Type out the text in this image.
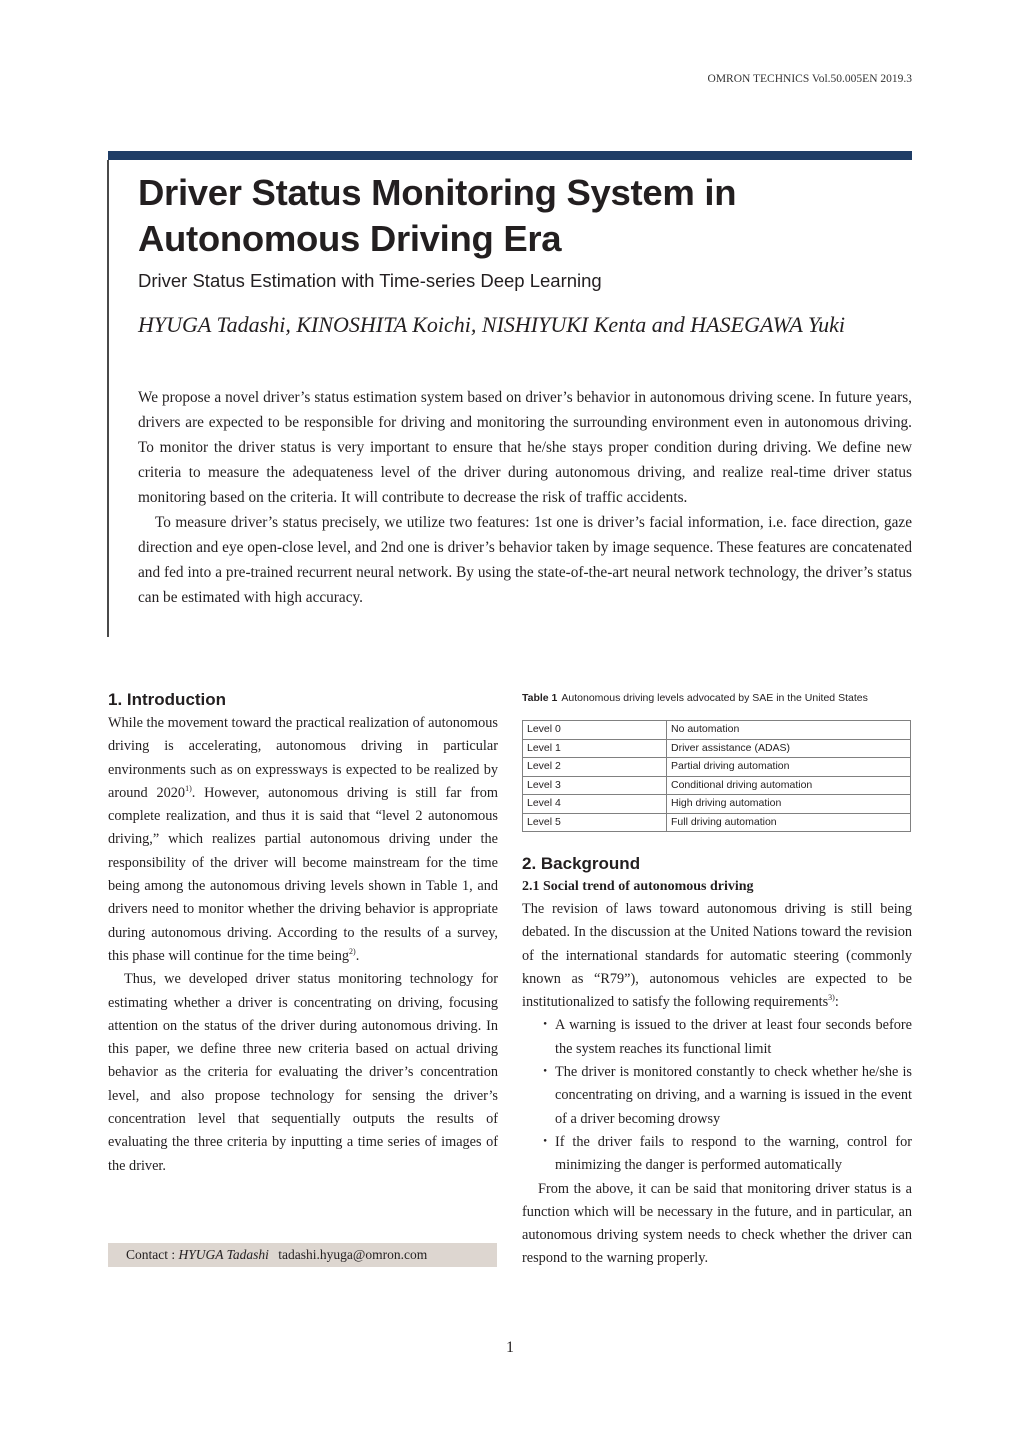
OMRON TECHNICS Vol.50.005EN 2019.3
Driver Status Monitoring System in Autonomous Driving Era
Driver Status Estimation with Time-series Deep Learning
HYUGA Tadashi, KINOSHITA Koichi, NISHIYUKI Kenta and HASEGAWA Yuki

We propose a novel driver’s status estimation system based on driver’s behavior in autonomous driving scene. In future years, drivers are expected to be responsible for driving and monitoring the surrounding environment even in autonomous driving. To monitor the driver status is very important to ensure that he/she stays proper condition during driving. We define new criteria to measure the adequateness level of the driver during autonomous driving, and realize real-time driver status monitoring based on the criteria. It will contribute to decrease the risk of traffic accidents.

To measure driver’s status precisely, we utilize two features: 1st one is driver’s facial information, i.e. face direction, gaze direction and eye open-close level, and 2nd one is driver’s behavior taken by image sequence. These features are concatenated and fed into a pre-trained recurrent neural network. By using the state-of-the-art neural network technology, the driver’s status can be estimated with high accuracy.

1. Introduction

While the movement toward the practical realization of autonomous driving is accelerating, autonomous driving in particular environments such as on expressways is expected to be realized by around 2020$^{1)}$. However, autonomous driving is still far from complete realization, and thus it is said that “level 2 autonomous driving,” which realizes partial autonomous driving under the responsibility of the driver will become mainstream for the time being among the autonomous driving levels shown in Table 1, and drivers need to monitor whether the driving behavior is appropriate during autonomous driving. According to the results of a survey, this phase will continue for the time being$^{2)}$.

Thus, we developed driver status monitoring technology for estimating whether a driver is concentrating on driving, focusing attention on the status of the driver during autonomous driving. In this paper, we define three new criteria based on actual driving behavior as the criteria for evaluating the driver’s concentration level, and also propose technology for sensing the driver’s concentration level that sequentially outputs the results of evaluating the three criteria by inputting a time series of images of the driver.

Contact : HYUGA Tadashi tadashi.hyuga@omron.com

Table 1 Autonomous driving levels advocated by SAE in the United States

Level 0	No automation
Level 1	Driver assistance (ADAS)
Level 2	Partial driving automation
Level 3	Conditional driving automation
Level 4	High driving automation
Level 5	Full driving automation
2. Background
2.1 Social trend of autonomous driving

The revision of laws toward autonomous driving is still being debated. In the discussion at the United Nations toward the revision of the international standards for automatic steering (commonly known as “R79”), autonomous vehicles are expected to be institutionalized to satisfy the following requirements$^{3)}$:

・ A warning is issued to the driver at least four seconds before the system reaches its functional limit
・ The driver is monitored constantly to check whether he/she is concentrating on driving, and a warning is issued in the event of a driver becoming drowsy
・ If the driver fails to respond to the warning, control for minimizing the danger is performed automatically

From the above, it can be said that monitoring driver status is a function which will be necessary in the future, and in particular, an autonomous driving system needs to check whether the driver can respond to the warning properly.

1
